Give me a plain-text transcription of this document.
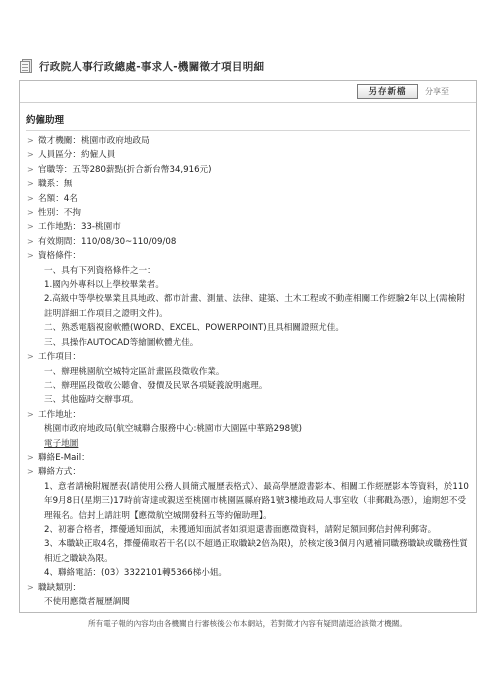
行政院人事行政總處-事求人-機關徵才項目明細
另存新檔	分享至
約僱助理
> 徵才機關：桃園市政府地政局
> 人員區分：約僱人員
> 官職等：五等280薪點(折合新台幣34,916元)
> 職系：無
> 名額：4名
> 性別：不拘
> 工作地點：33-桃園市
> 有效期間：110/08/30~110/09/08
> 資格條件：
一、具有下列資格條件之一：
1.國內外專科以上學校畢業者。
2.高級中等學校畢業且具地政、都市計畫、測量、法律、建築、土木工程或不動產相關工作經驗2年以上(需檢附註明詳細工作項目之證明文件)。
二、熟悉電腦視窗軟體(WORD、EXCEL、POWERPOINT)且具相關證照尤佳。
三、具操作AUTOCAD等繪圖軟體尤佳。
> 工作項目：
一、辦理桃園航空城特定區計畫區段徵收作業。
二、辦理區段徵收公聽會、發價及民眾各項疑義說明處理。
三、其他臨時交辦事項。
> 工作地址：
桃園市政府地政局(航空城聯合服務中心:桃園市大園區中華路298號)
電子地圖
> 聯絡E-Mail：
> 聯絡方式：
1、意者請檢附履歷表(請使用公務人員簡式履歷表格式）、最高學歷證書影本、相關工作經歷影本等資料，於110年9月8日(星期三)17時前寄達或親送至桃園市桃園區縣府路1號3樓地政局人事室收（非郵戳為憑），逾期恕不受理報名。信封上請註明【應徵航空城開發科五等約僱助理】。
2、初審合格者，擇優通知面試，未獲通知面試者如須退還書面應徵資料，請附足額回郵信封俾利郵寄。
3、本職缺正取4名，擇優備取若干名(以不超過正取職缺2倍為限)，於核定後3個月內遞補同職務職缺或職務性質相近之職缺為限。
4、聯絡電話：(03）3322101轉5366梯小姐。
> 職缺類別：
不使用應徵者履歷調閱
所有電子報的內容均由各機關自行審核後公布本網站，若對徵才內容有疑問請逕洽該徵才機關。
